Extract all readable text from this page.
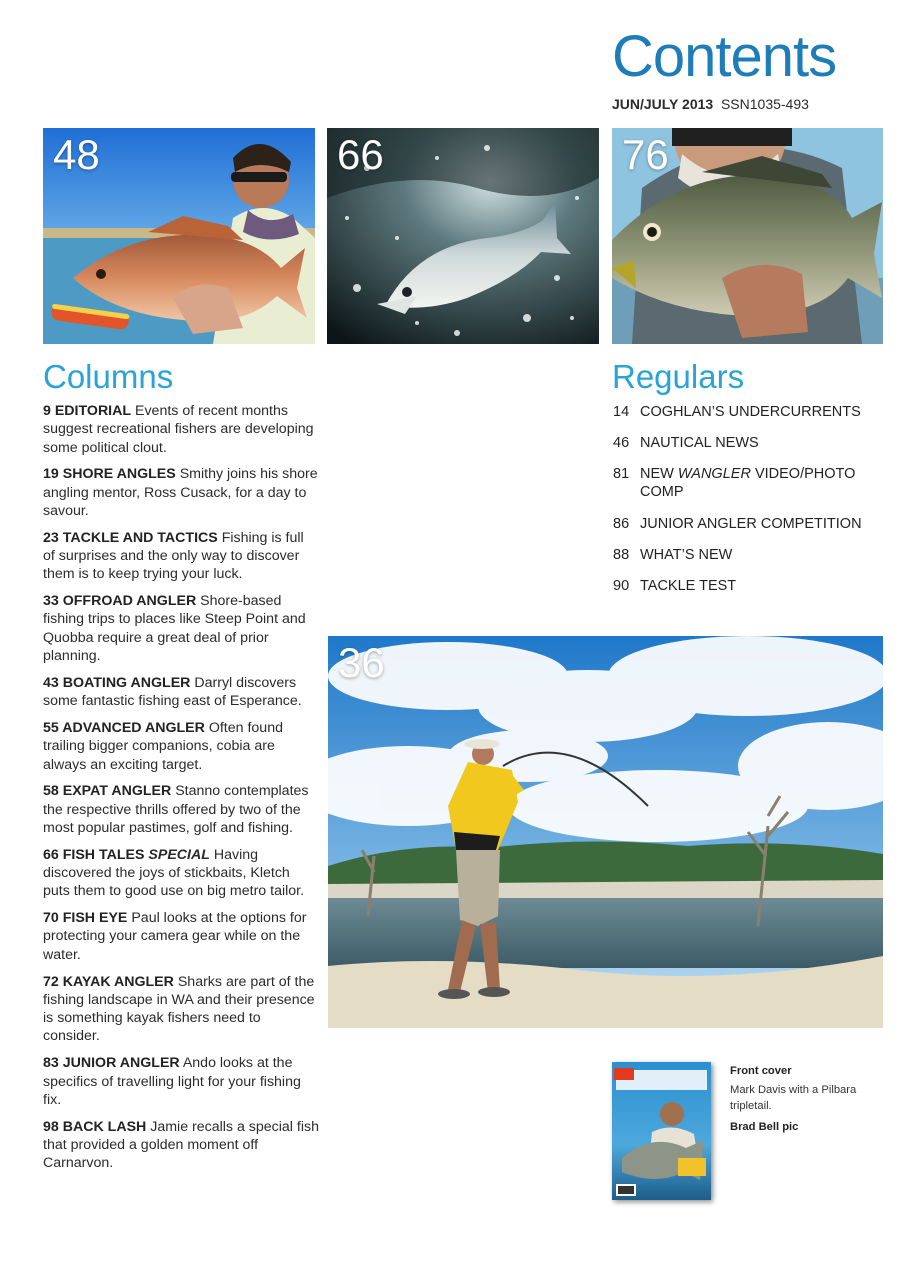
Contents
JUN/JULY 2013 SSN1035-493
48	66	76
Columns
9 EDITORIAL Events of recent months suggest recreational fishers are developing some political clout.
19 SHORE ANGLES Smithy joins his shore angling mentor, Ross Cusack, for a day to savour.
23 TACKLE AND TACTICS Fishing is full of surprises and the only way to discover them is to keep trying your luck.
33 OFFROAD ANGLER Shore-based fishing trips to places like Steep Point and Quobba require a great deal of prior planning.
43 BOATING ANGLER Darryl discovers some fantastic fishing east of Esperance.
55 ADVANCED ANGLER Often found trailing bigger companions, cobia are always an exciting target.
58 EXPAT ANGLER Stanno contemplates the respective thrills offered by two of the most popular pastimes, golf and fishing.
66 FISH TALES SPECIAL Having discovered the joys of stickbaits, Kletch puts them to good use on big metro tailor.
70 FISH EYE Paul looks at the options for protecting your camera gear while on the water.
72 KAYAK ANGLER Sharks are part of the fishing landscape in WA and their presence is something kayak fishers need to consider.
83 JUNIOR ANGLER Ando looks at the specifics of travelling light for your fishing fix.
98 BACK LASH Jamie recalls a special fish that provided a golden moment off Carnarvon.
Regulars
14 COGHLAN’S UNDERCURRENTS
46 NAUTICAL NEWS
81 NEW WANGLER VIDEO/PHOTO COMP
86 JUNIOR ANGLER COMPETITION
88 WHAT’S NEW
90 TACKLE TEST
36
Front cover
Mark Davis with a Pilbara tripletail.
Brad Bell pic
